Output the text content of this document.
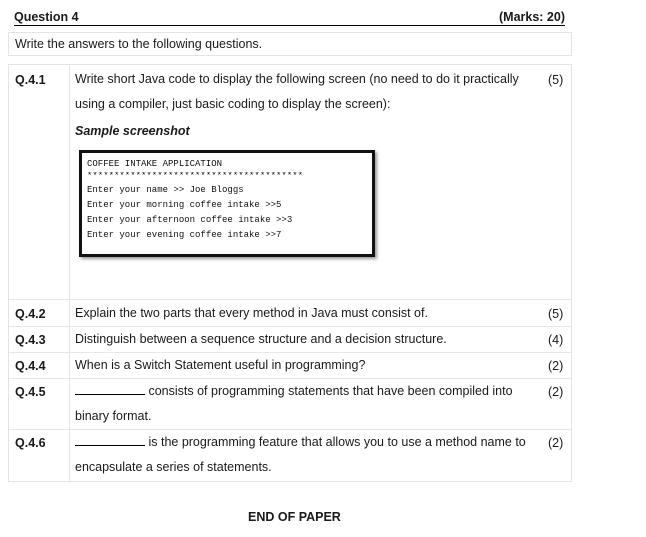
Question 4	(Marks: 20)
Write the answers to the following questions.
Q.4.1 Write short Java code to display the following screen (no need to do it practically
using a compiler, just basic coding to display the screen):
(5)
Sample screenshot
COFFEE INTAKE APPLICATION
****************************************
Enter your name >> Joe Bloggs
Enter your morning coffee intake >>5
Enter your afternoon coffee intake >>3
Enter your evening coffee intake >>7
Q.4.2 Explain the two parts that every method in Java must consist of.	(5)
Q.4.3 Distinguish between a sequence structure and a decision structure.	(4)
Q.4.4 When is a Switch Statement useful in programming?	(2)
Q.4.5	consists of programming statements that have been compiled into
binary format.
(2)
Q.4.6	is the programming feature that allows you to use a method name to
encapsulate a series of statements.
(2)
END OF PAPER
